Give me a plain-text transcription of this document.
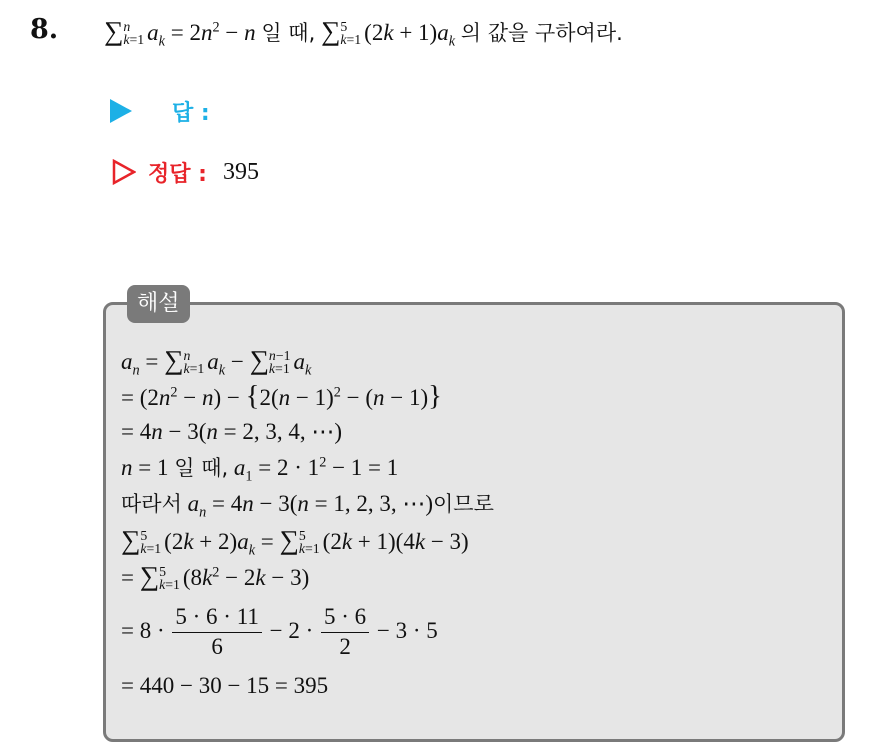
8. ∑ n
k=1 $a_k = 2n^2 - n$ 일 때, ∑ 5
k=1 $(2k + 1)a_k$ 의 값을 구하여라.
답 :
정답 : 395
해설
$a_n$ = ∑ n
k=1 $a_k$ − ∑ n−1
k=1 $a_k$
= $(2n^2 - n) - \{2(n - 1)^2 - (n - 1)\}$
= 4n − 3(n = 2, 3, 4, ⋯)
n = 1 일 때, $a_1 = 2 \cdot 1^2 - 1 = 1$
따라서 $a_n = 4n - 3(n = 1$, 2, 3, ⋯)이므로
∑ 5
k=1 $(2k + 2)a_k$ = ∑ 5
k=1 (2k + 1)(4k − 3)
= ∑ 5
k=1 $(8k^2 - 2k - 3)$
= $8 \cdot \frac{5 \cdot 6 \cdot 11}{6} - 2 \cdot \frac{5 \cdot 6}{2} - 3 \cdot 5$
= 440 − 30 − 15 = 395
